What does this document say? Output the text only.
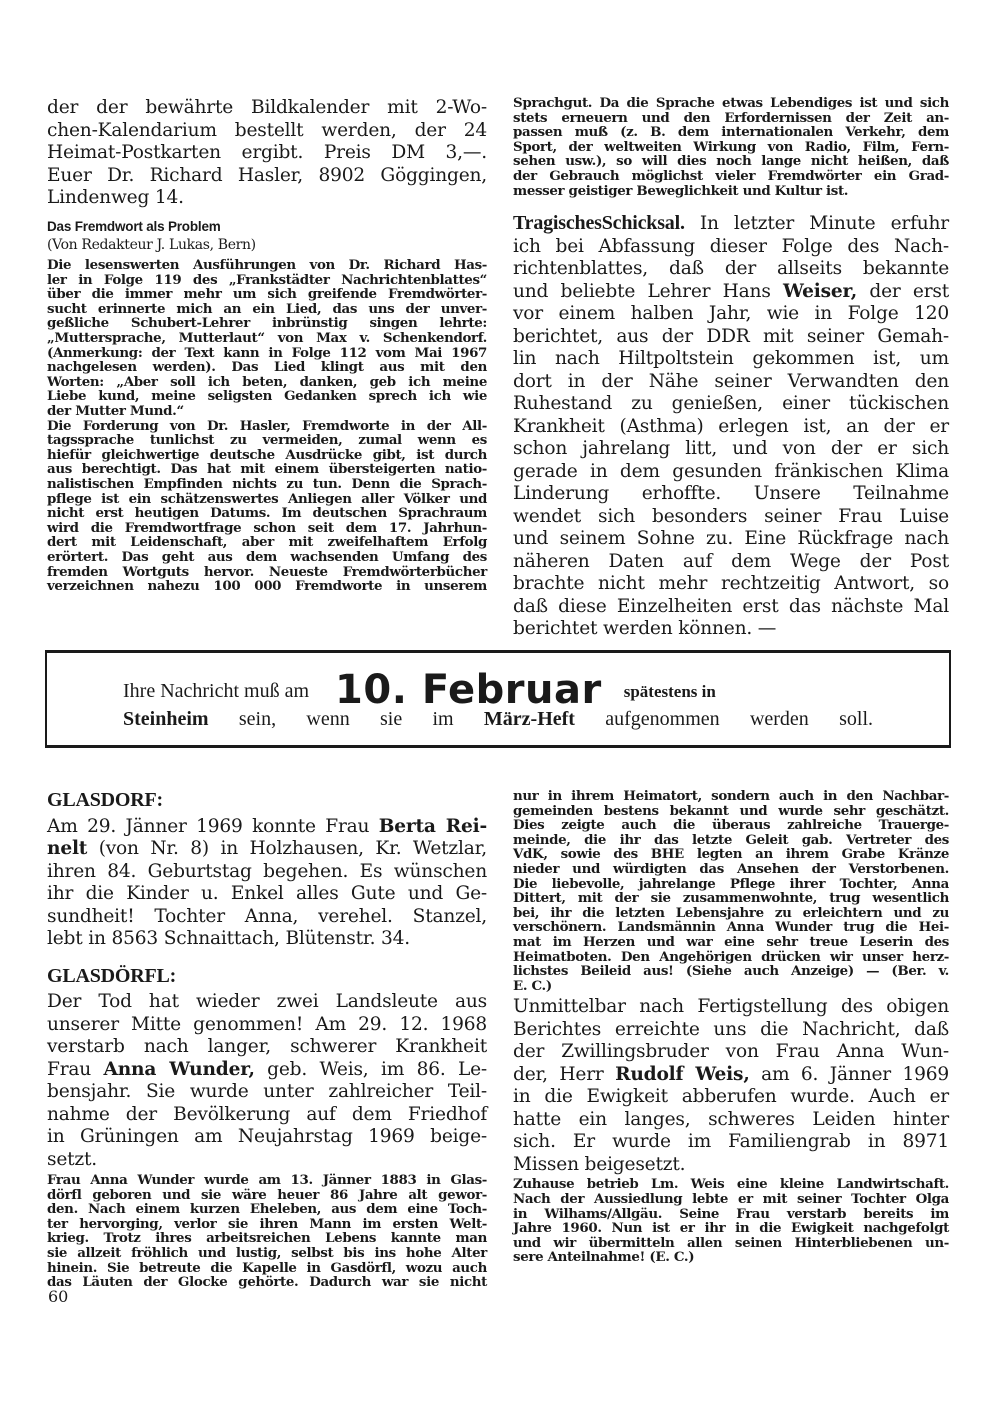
der der bewährte Bildkalender mit 2-Wo-
chen-Kalendarium bestellt werden, der 24
Heimat-Postkarten ergibt. Preis DM 3,—.
Euer Dr. Richard Hasler, 8902 Göggingen,
Lindenweg 14.
Das Fremdwort als Problem
(Von Redakteur J. Lukas, Bern)
Die lesenswerten Ausführungen von Dr. Richard Has-
ler in Folge 119 des „Frankstädter Nachrichtenblattes“
über die immer mehr um sich greifende Fremdwörter-
sucht erinnerte mich an ein Lied, das uns der unver-
geßliche Schubert-Lehrer inbrünstig singen lehrte:
„Muttersprache, Mutterlaut“ von Max v. Schenkendorf.
(Anmerkung: der Text kann in Folge 112 vom Mai 1967
nachgelesen werden). Das Lied klingt aus mit den
Worten: „Aber soll ich beten, danken, geb ich meine
Liebe kund, meine seligsten Gedanken sprech ich wie
der Mutter Mund.“
Die Forderung von Dr. Hasler, Fremdworte in der All-
tagssprache tunlichst zu vermeiden, zumal wenn es
hiefür gleichwertige deutsche Ausdrücke gibt, ist durch
aus berechtigt. Das hat mit einem übersteigerten natio-
nalistischen Empfinden nichts zu tun. Denn die Sprach-
pflege ist ein schätzenswertes Anliegen aller Völker und
nicht erst heutigen Datums. Im deutschen Sprachraum
wird die Fremdwortfrage schon seit dem 17. Jahrhun-
dert mit Leidenschaft, aber mit zweifelhaftem Erfolg
erörtert. Das geht aus dem wachsenden Umfang des
fremden Wortguts hervor. Neueste Fremdwörterbücher
verzeichnen nahezu 100 000 Fremdworte in unserem
Sprachgut. Da die Sprache etwas Lebendiges ist und sich
stets erneuern und den Erfordernissen der Zeit an-
passen muß (z. B. dem internationalen Verkehr, dem
Sport, der weltweiten Wirkung von Radio, Film, Fern-
sehen usw.), so will dies noch lange nicht heißen, daß
der Gebrauch möglichst vieler Fremdwörter ein Grad-
messer geistiger Beweglichkeit und Kultur ist.
TragischesSchicksal. In letzter Minute erfuhr
ich bei Abfassung dieser Folge des Nach-
richtenblattes, daß der allseits bekannte
und beliebte Lehrer Hans Weiser, der erst
vor einem halben Jahr, wie in Folge 120
berichtet, aus der DDR mit seiner Gemah-
lin nach Hiltpoltstein gekommen ist, um
dort in der Nähe seiner Verwandten den
Ruhestand zu genießen, einer tückischen
Krankheit (Asthma) erlegen ist, an der er
schon jahrelang litt, und von der er sich
gerade in dem gesunden fränkischen Klima
Linderung erhoffte. Unsere Teilnahme
wendet sich besonders seiner Frau Luise
und seinem Sohne zu. Eine Rückfrage nach
näheren Daten auf dem Wege der Post
brachte nicht mehr rechtzeitig Antwort, so
daß diese Einzelheiten erst das nächste Mal
berichtet werden können. —
Ihre Nachricht muß am 10. Februar spätestens in
Steinheim sein, wenn sie im März-Heft aufgenommen werden soll.
GLASDORF:
Am 29. Jänner 1969 konnte Frau Berta Rei-
nelt (von Nr. 8) in Holzhausen, Kr. Wetzlar,
ihren 84. Geburtstag begehen. Es wünschen
ihr die Kinder u. Enkel alles Gute und Ge-
sundheit! Tochter Anna, verehel. Stanzel,
lebt in 8563 Schnaittach, Blütenstr. 34.
GLASDÖRFL:
Der Tod hat wieder zwei Landsleute aus
unserer Mitte genommen! Am 29. 12. 1968
verstarb nach langer, schwerer Krankheit
Frau Anna Wunder, geb. Weis, im 86. Le-
bensjahr. Sie wurde unter zahlreicher Teil-
nahme der Bevölkerung auf dem Friedhof
in Grüningen am Neujahrstag 1969 beige-
setzt.
Frau Anna Wunder wurde am 13. Jänner 1883 in Glas-
dörfl geboren und sie wäre heuer 86 Jahre alt gewor-
den. Nach einem kurzen Eheleben, aus dem eine Toch-
ter hervorging, verlor sie ihren Mann im ersten Welt-
krieg. Trotz ihres arbeitsreichen Lebens kannte man
sie allzeit fröhlich und lustig, selbst bis ins hohe Alter
hinein. Sie betreute die Kapelle in Gasdörfl, wozu auch
das Läuten der Glocke gehörte. Dadurch war sie nicht
nur in ihrem Heimatort, sondern auch in den Nachbar-
gemeinden bestens bekannt und wurde sehr geschätzt.
Dies zeigte auch die überaus zahlreiche Trauerge-
meinde, die ihr das letzte Geleit gab. Vertreter des
VdK, sowie des BHE legten an ihrem Grabe Kränze
nieder und würdigten das Ansehen der Verstorbenen.
Die liebevolle, jahrelange Pflege ihrer Tochter, Anna
Dittert, mit der sie zusammenwohnte, trug wesentlich
bei, ihr die letzten Lebensjahre zu erleichtern und zu
verschönern. Landsmännin Anna Wunder trug die Hei-
mat im Herzen und war eine sehr treue Leserin des
Heimatboten. Den Angehörigen drücken wir unser herz-
lichstes Beileid aus! (Siehe auch Anzeige) — (Ber. v.
E. C.)
Unmittelbar nach Fertigstellung des obigen
Berichtes erreichte uns die Nachricht, daß
der Zwillingsbruder von Frau Anna Wun-
der, Herr Rudolf Weis, am 6. Jänner 1969
in die Ewigkeit abberufen wurde. Auch er
hatte ein langes, schweres Leiden hinter
sich. Er wurde im Familiengrab in 8971
Missen beigesetzt.
Zuhause betrieb Lm. Weis eine kleine Landwirtschaft.
Nach der Aussiedlung lebte er mit seiner Tochter Olga
in Wilhams/Allgäu. Seine Frau verstarb bereits im
Jahre 1960. Nun ist er ihr in die Ewigkeit nachgefolgt
und wir übermitteln allen seinen Hinterbliebenen un-
sere Anteilnahme! (E. C.)
60
